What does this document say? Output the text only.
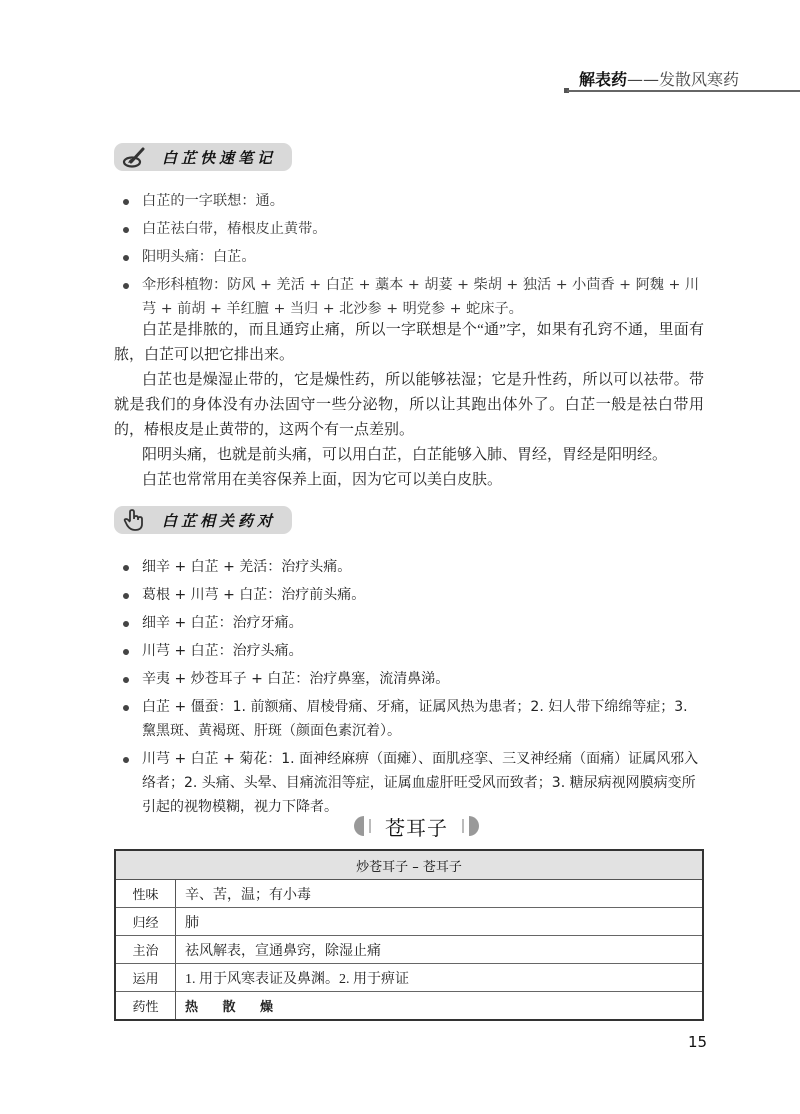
解表药——发散风寒药
白芷快速笔记
白芷的一字联想：通。
白芷祛白带，椿根皮止黄带。
阳明头痛：白芷。
伞形科植物：防风 + 羌活 + 白芷 + 藁本 + 胡荽 + 柴胡 + 独活 + 小茴香 + 阿魏 + 川芎 + 前胡 + 羊红膻 + 当归 + 北沙参 + 明党参 + 蛇床子。

白芷是排脓的，而且通窍止痛，所以一字联想是个“通”字，如果有孔窍不通，里面有脓，白芷可以把它排出来。

白芷也是燥湿止带的，它是燥性药，所以能够祛湿；它是升性药，所以可以祛带。带就是我们的身体没有办法固守一些分泌物，所以让其跑出体外了。白芷一般是祛白带用的，椿根皮是止黄带的，这两个有一点差别。

阳明头痛，也就是前头痛，可以用白芷，白芷能够入肺、胃经，胃经是阳明经。

白芷也常常用在美容保养上面，因为它可以美白皮肤。

白芷相关药对
细辛 + 白芷 + 羌活：治疗头痛。
葛根 + 川芎 + 白芷：治疗前头痛。
细辛 + 白芷：治疗牙痛。
川芎 + 白芷：治疗头痛。
辛夷 + 炒苍耳子 + 白芷：治疗鼻塞，流清鼻涕。
白芷 + 僵蚕：1. 前额痛、眉棱骨痛、牙痛，证属风热为患者；2. 妇人带下绵绵等症；3. 黧黑斑、黄褐斑、肝斑（颜面色素沉着）。
川芎 + 白芷 + 菊花：1. 面神经麻痹（面瘫）、面肌痉挛、三叉神经痛（面痛）证属风邪入络者；2. 头痛、头晕、目痛流泪等症，证属血虚肝旺受风而致者；3. 糖尿病视网膜病变所引起的视物模糊，视力下降者。
苍耳子
炒苍耳子 – 苍耳子	
性味	辛、苦，温；有小毒
归经	肺
主治	祛风解表，宣通鼻窍，除湿止痛
运用	1. 用于风寒表证及鼻渊。2. 用于痹证
药性	热 散 燥
15
